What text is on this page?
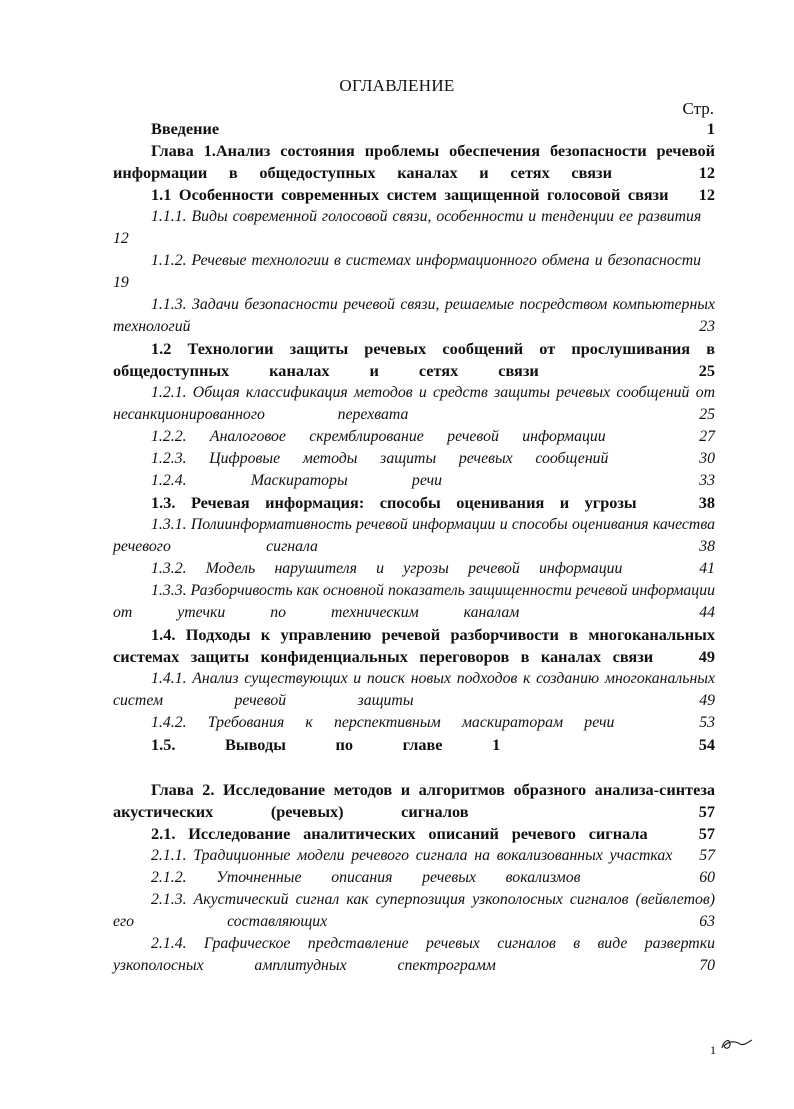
ОГЛАВЛЕНИЕ
Стр.
Введение	1
Глава 1.Анализ состояния проблемы обеспечения безопасности речевой информации в общедоступных каналах и сетях связи	12
1.1 Особенности современных систем защищенной голосовой связи 12
1.1.1. Виды современной голосовой связи, особенности и тенденции ее развития    12
1.1.2. Речевые технологии в системах информационного обмена и безопасности    19
1.1.3. Задачи безопасности речевой связи, решаемые посредством компьютерных технологий	23
1.2 Технологии защиты речевых сообщений от прослушивания в общедоступных каналах и сетях связи	25
1.2.1. Общая классификация методов и средств защиты речевых сообщений от несанкционированного перехвата	25
1.2.2. Аналоговое скремблирование речевой информации	27
1.2.3. Цифровые методы защиты речевых сообщений	30
1.2.4. Маскираторы речи	33
1.3. Речевая информация: способы оценивания и угрозы	38
1.3.1. Полиинформативность речевой информации и способы оценивания качества речевого сигнала	38
1.3.2. Модель нарушителя и угрозы речевой информации	41
1.3.3. Разборчивость как основной показатель защищенности речевой информации от утечки по техническим каналам	44
1.4. Подходы к управлению речевой разборчивости в многоканальных системах защиты конфиденциальных переговоров в каналах связи	49
1.4.1. Анализ существующих и поиск новых подходов к созданию многоканальных систем речевой защиты	49
1.4.2. Требования к перспективным маскираторам речи	53
1.5. Выводы по главе 1	54
Глава 2. Исследование методов и алгоритмов образного анализа-синтеза акустических (речевых) сигналов	57
2.1. Исследование аналитических описаний речевого сигнала	57
2.1.1. Традиционные модели речевого сигнала на вокализованных участках 57
2.1.2. Уточненные описания речевых вокализмов	60
2.1.3. Акустический сигнал как суперпозиция узкополосных сигналов (вейвлетов) его составляющих	63
2.1.4. Графическое представление речевых сигналов в виде развертки узкополосных амплитудных спектрограмм	70
1
